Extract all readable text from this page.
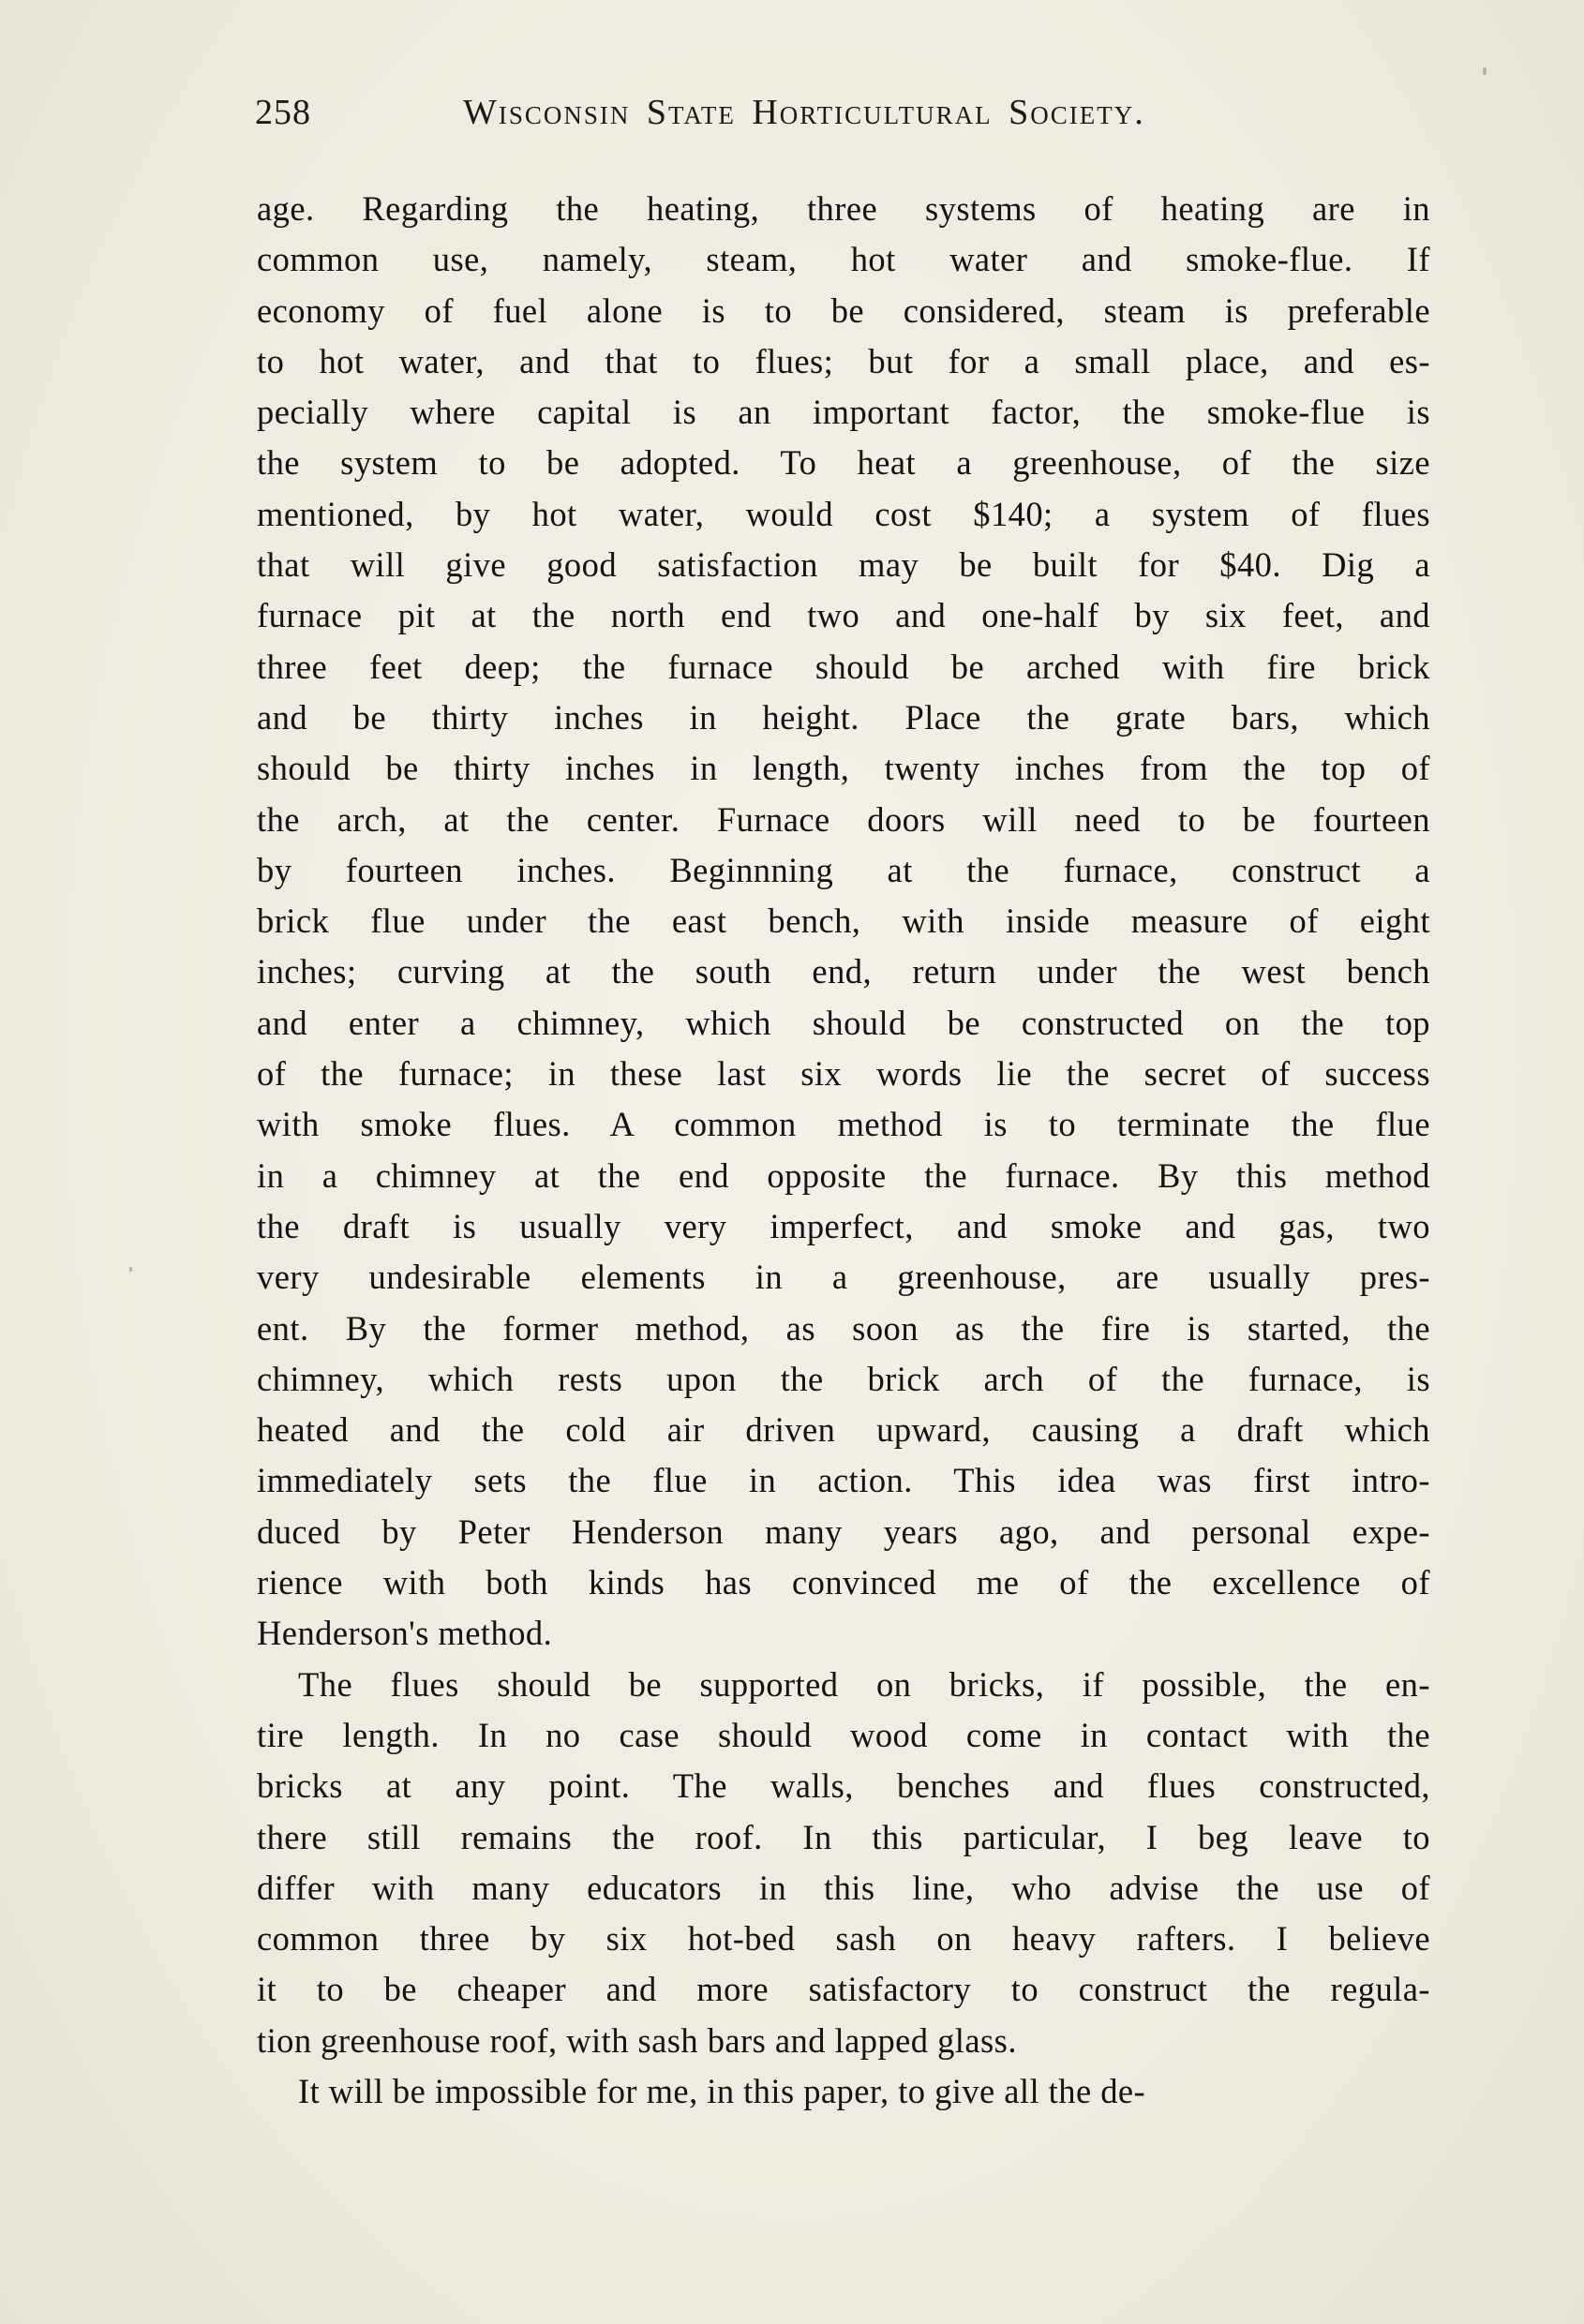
258	Wisconsin State Horticultural Society.
age. Regarding the heating, three systems of heating are in
common use, namely, steam, hot water and smoke-flue. If
economy of fuel alone is to be considered, steam is preferable
to hot water, and that to flues; but for a small place, and es-
pecially where capital is an important factor, the smoke-flue is
the system to be adopted. To heat a greenhouse, of the size
mentioned, by hot water, would cost $140; a system of flues
that will give good satisfaction may be built for $40. Dig a
furnace pit at the north end two and one-half by six feet, and
three feet deep; the furnace should be arched with fire brick
and be thirty inches in height. Place the grate bars, which
should be thirty inches in length, twenty inches from the top of
the arch, at the center. Furnace doors will need to be fourteen
by fourteen inches. Beginnning at the furnace, construct a
brick flue under the east bench, with inside measure of eight
inches; curving at the south end, return under the west bench
and enter a chimney, which should be constructed on the top
of the furnace; in these last six words lie the secret of success
with smoke flues. A common method is to terminate the flue
in a chimney at the end opposite the furnace. By this method
the draft is usually very imperfect, and smoke and gas, two
very undesirable elements in a greenhouse, are usually pres-
ent. By the former method, as soon as the fire is started, the
chimney, which rests upon the brick arch of the furnace, is
heated and the cold air driven upward, causing a draft which
immediately sets the flue in action. This idea was first intro-
duced by Peter Henderson many years ago, and personal expe-
rience with both kinds has convinced me of the excellence of
Henderson's method.
The flues should be supported on bricks, if possible, the en-
tire length. In no case should wood come in contact with the
bricks at any point. The walls, benches and flues constructed,
there still remains the roof. In this particular, I beg leave to
differ with many educators in this line, who advise the use of
common three by six hot-bed sash on heavy rafters. I believe
it to be cheaper and more satisfactory to construct the regula-
tion greenhouse roof, with sash bars and lapped glass.
It will be impossible for me, in this paper, to give all the de-
